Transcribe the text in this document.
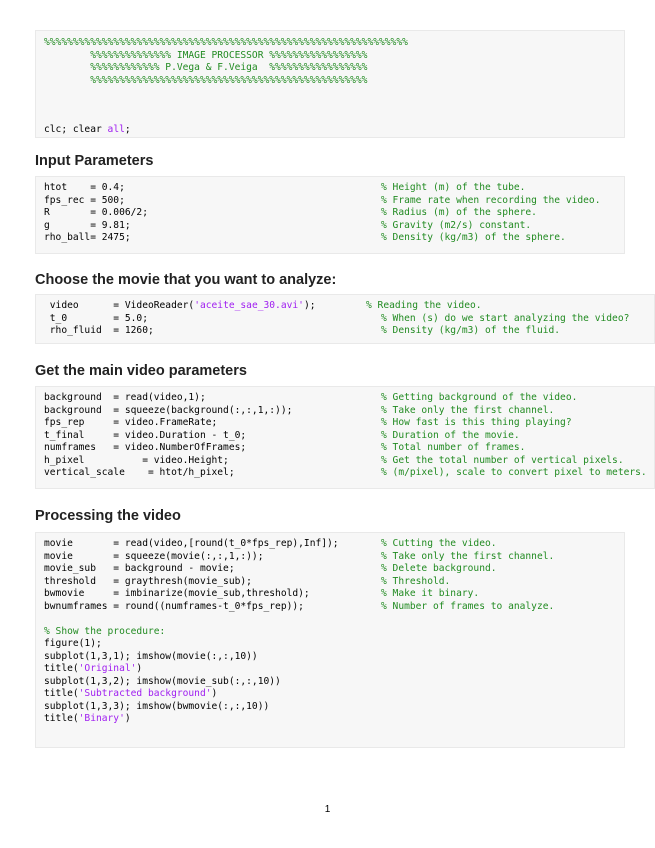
%%%%%%%%%%%%%%%%%%%%%%%%%%%%%%%%%%%%%%%%%%%%%%%%%%%%%%%%%%%%%%%
%%%%%%%%%%%%%% IMAGE PROCESSOR %%%%%%%%%%%%%%%%%
%%%%%%%%%%%% P.Vega & F.Veiga  %%%%%%%%%%%%%%%%%
%%%%%%%%%%%%%%%%%%%%%%%%%%%%%%%%%%%%%%%%%%%%%%%%
clc; clear all;
Input Parameters
htot    = 0.4;	% Height (m) of the tube.
fps_rec = 500;	% Frame rate when recording the video.
R       = 0.006/2;	% Radius (m) of the sphere.
g       = 9.81;	% Gravity (m2/s) constant.
rho_ball= 2475;	% Density (kg/m3) of the sphere.
Choose the movie that you want to analyze:
video      = VideoReader('aceite_sae_30.avi');	% Reading the video.
t_0        = 5.0;	% When (s) do we start analyzing the video?
rho_fluid  = 1260;	% Density (kg/m3) of the fluid.
Get the main video parameters
background  = read(video,1);	% Getting background of the video.
background  = squeeze(background(:,:,1,:));	% Take only the first channel.
fps_rep     = video.FrameRate;	% How fast is this thing playing?
t_final     = video.Duration - t_0;	% Duration of the movie.
numframes   = video.NumberOfFrames;	% Total number of frames.
h_pixel          = video.Height;	% Get the total number of vertical pixels.
vertical_scale    = htot/h_pixel;	% (m/pixel), scale to convert pixel to meters.
Processing the video
movie       = read(video,[round(t_0*fps_rep),Inf]);	% Cutting the video.
movie       = squeeze(movie(:,:,1,:));	% Take only the first channel.
movie_sub   = background - movie;	% Delete background.
threshold   = graythresh(movie_sub);	% Threshold.
bwmovie     = imbinarize(movie_sub,threshold);	% Make it binary.
bwnumframes = round((numframes-t_0*fps_rep));	% Number of frames to analyze.
% Show the procedure:
figure(1);
subplot(1,3,1); imshow(movie(:,:,10))
title('Original')
subplot(1,3,2); imshow(movie_sub(:,:,10))
title('Subtracted background')
subplot(1,3,3); imshow(bwmovie(:,:,10))
title('Binary')
1
